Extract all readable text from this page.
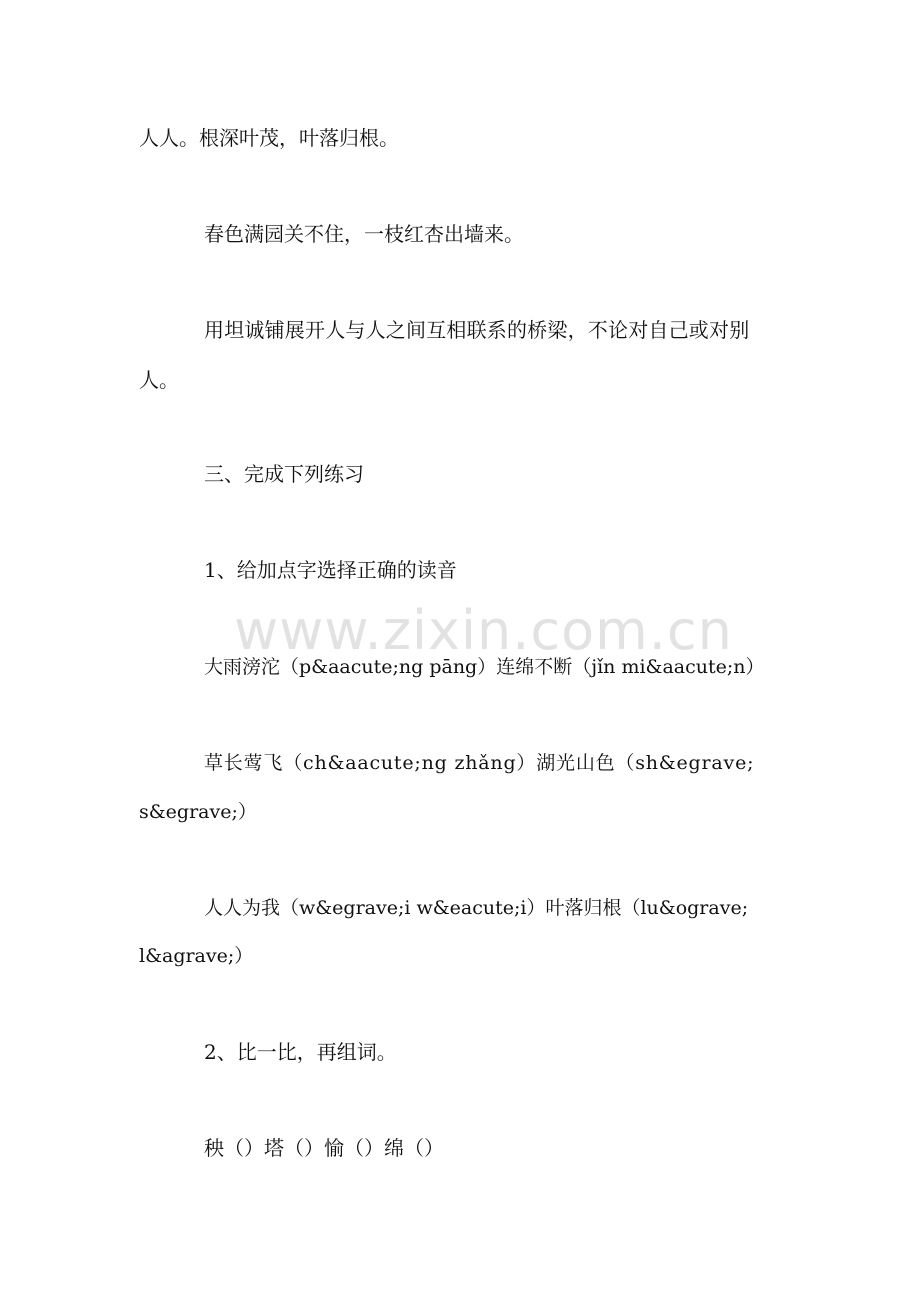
人人。根深叶茂，叶落归根。
春色满园关不住，一枝红杏出墙来。
用坦诚铺展开人与人之间互相联系的桥梁，不论对自己或对别
人。
三、完成下列练习
1、给加点字选择正确的读音
大雨滂沱（p&aacute;ng pāng）连绵不断（jǐn mi&aacute;n）
草长莺飞（ch&aacute;ng zhǎng）湖光山色（sh&egrave;
s&egrave;）
人人为我（w&egrave;i w&eacute;i）叶落归根（lu&ograve;
l&agrave;）
2、比一比，再组词。
秧（）塔（）愉（）绵（）
www.zixin.com.cn
